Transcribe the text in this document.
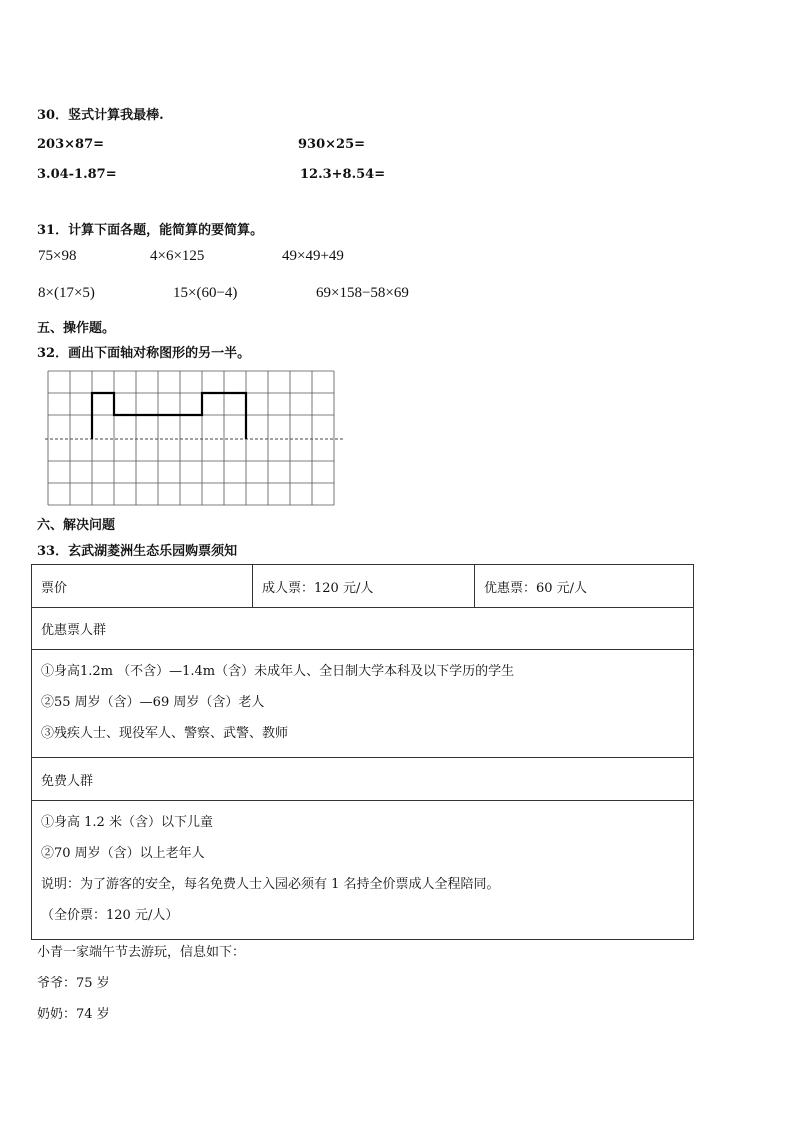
30．竖式计算我最棒.
203×87=	930×25=
3.04-1.87=	12.3+8.54=
31．计算下面各题，能简算的要简算。
75×98	4×6×125	49×49+49
8×(17×5)	15×(60−4)	69×158−58×69
五、操作题。
32．画出下面轴对称图形的另一半。
六、解决问题
33．玄武湖菱洲生态乐园购票须知
票价	成人票：120 元/人	优惠票：60 元/人
优惠票人群

①身高1.2m （不含）—1.4m（含）未成年人、全日制大学本科及以下学历的学生
②55 周岁（含）—69 周岁（含）老人
③残疾人士、现役军人、警察、武警、教师

免费人群

①身高 1.2 米（含）以下儿童
②70 周岁（含）以上老年人
说明：为了游客的安全，每名免费人士入园必须有 1 名持全价票成人全程陪同。
（全价票：120 元/人）
小青一家端午节去游玩，信息如下：
爷爷：75 岁
奶奶：74 岁
